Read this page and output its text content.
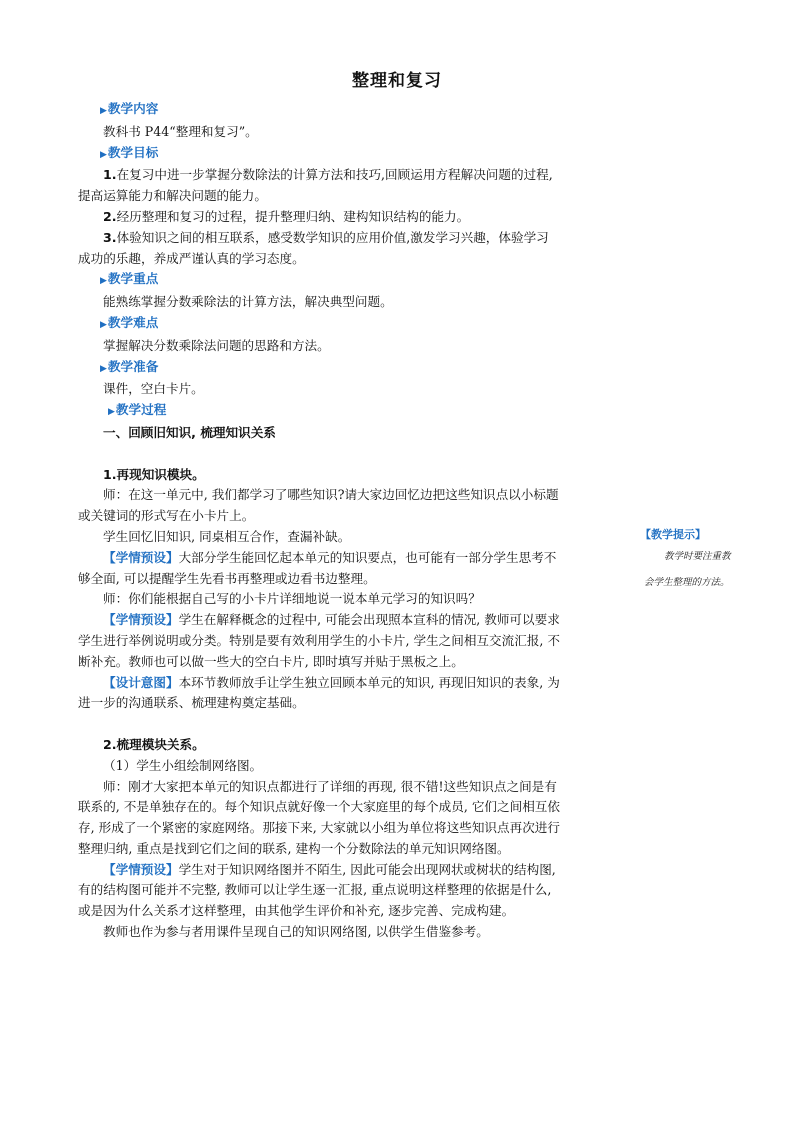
整理和复习
▶教学内容
教科书 P44“整理和复习”。
▶教学目标
1.在复习中进一步掌握分数除法的计算方法和技巧,回顾运用方程解决问题的过程,
提高运算能力和解决问题的能力。
2.经历整理和复习的过程，提升整理归纳、建构知识结构的能力。
3.体验知识之间的相互联系，感受数学知识的应用价值,激发学习兴趣，体验学习
成功的乐趣，养成严谨认真的学习态度。
▶教学重点
能熟练掌握分数乘除法的计算方法，解决典型问题。
▶教学难点
掌握解决分数乘除法问题的思路和方法。
▶教学准备
课件，空白卡片。
▶教学过程
一、回顾旧知识, 梳理知识关系
1.再现知识模块。
师：在这一单元中, 我们都学习了哪些知识?请大家边回忆边把这些知识点以小标题
或关键词的形式写在小卡片上。
学生回忆旧知识, 同桌相互合作，查漏补缺。
【学情预设】大部分学生能回忆起本单元的知识要点，也可能有一部分学生思考不
够全面, 可以提醒学生先看书再整理或边看书边整理。
师：你们能根据自己写的小卡片详细地说一说本单元学习的知识吗？
【学情预设】学生在解释概念的过程中, 可能会出现照本宣科的情况, 教师可以要求
学生进行举例说明或分类。特别是要有效利用学生的小卡片, 学生之间相互交流汇报, 不
断补充。教师也可以做一些大的空白卡片, 即时填写并贴于黑板之上。
【设计意图】本环节教师放手让学生独立回顾本单元的知识, 再现旧知识的表象, 为
进一步的沟通联系、梳理建构奠定基础。
2.梳理模块关系。
（1）学生小组绘制网络图。
师：刚才大家把本单元的知识点都进行了详细的再现, 很不错!这些知识点之间是有
联系的, 不是单独存在的。每个知识点就好像一个大家庭里的每个成员, 它们之间相互依
存, 形成了一个紧密的家庭网络。那接下来, 大家就以小组为单位将这些知识点再次进行
整理归纳, 重点是找到它们之间的联系, 建构一个分数除法的单元知识网络图。
【学情预设】学生对于知识网络图并不陌生, 因此可能会出现网状或树状的结构图,
有的结构图可能并不完整, 教师可以让学生逐一汇报, 重点说明这样整理的依据是什么,
或是因为什么关系才这样整理，由其他学生评价和补充, 逐步完善、完成构建。
教师也作为参与者用课件呈现自己的知识网络图, 以供学生借鉴参考。
【教学提示】
教学时要注重教
会学生整理的方法。
